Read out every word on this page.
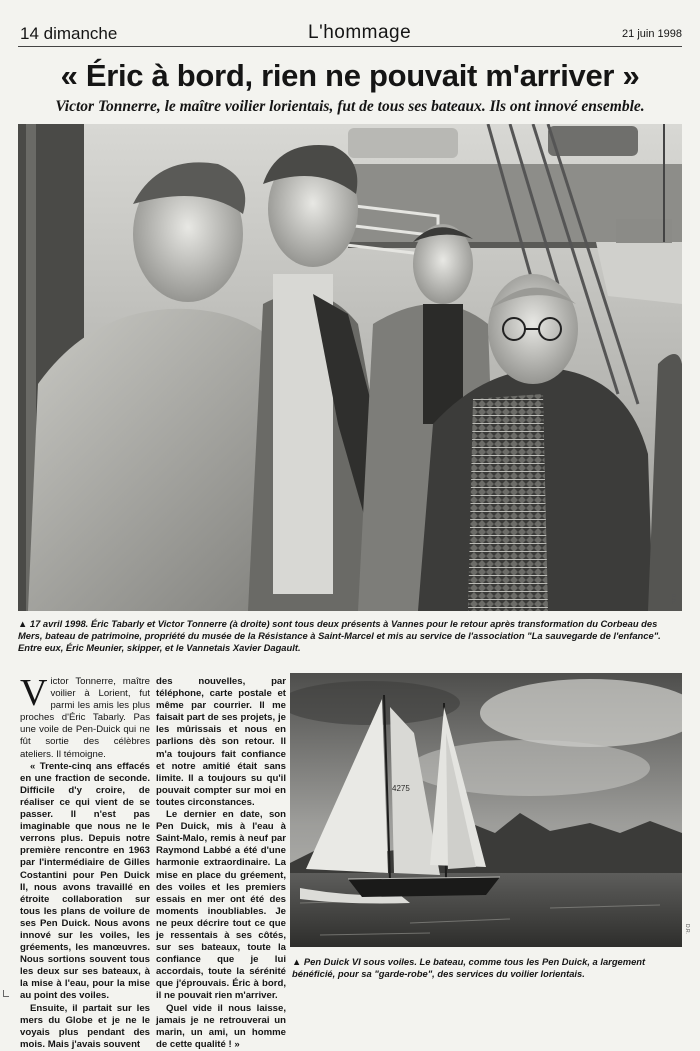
14 dimanche	L'hommage	21 juin 1998
« Éric à bord, rien ne pouvait m'arriver »
Victor Tonnerre, le maître voilier lorientais, fut de tous ses bateaux. Ils ont innové ensemble.
D.R.
▲ 17 avril 1998. Éric Tabarly et Victor Tonnerre (à droite) sont tous deux présents à Vannes pour le retour après transformation du Corbeau des Mers, bateau de patrimoine, propriété du musée de la Résistance à Saint-Marcel et mis au service de l'association "La sauvegarde de l'enfance". Entre eux, Éric Meunier, skipper, et le Vannetais Xavier Dagault.

Victor Tonnerre, maître voilier à Lorient, fut parmi les amis les plus proches d'Éric Tabarly. Pas une voile de Pen-Duick qui ne fût sortie des célèbres ateliers. Il témoigne.

« Trente-cinq ans effacés en une fraction de seconde. Difficile d'y croire, de réaliser ce qui vient de se passer. Il n'est pas imaginable que nous ne le verrons plus. Depuis notre première rencontre en 1963 par l'intermédiaire de Gilles Costantini pour Pen Duick II, nous avons travaillé en étroite collaboration sur tous les plans de voilure de ses Pen Duick. Nous avons innové sur les voiles, les gréements, les manœuvres. Nous sortions souvent tous les deux sur ses bateaux, à la mise à l'eau, pour la mise au point des voiles.

Ensuite, il partait sur les mers du Globe et je ne le voyais plus pendant des mois. Mais j'avais souvent

des nouvelles, par téléphone, carte postale et même par courrier. Il me faisait part de ses projets, je les mûrissais et nous en parlions dès son retour. Il m'a toujours fait confiance et notre amitié était sans limite. Il a toujours su qu'il pouvait compter sur moi en toutes circonstances.

Le dernier en date, son Pen Duick, mis à l'eau à Saint-Malo, remis à neuf par Raymond Labbé a été d'une harmonie extraordinaire. La mise en place du gréement, des voiles et les premiers essais en mer ont été des moments inoubliables. Je ne peux décrire tout ce que je ressentais à ses côtés, sur ses bateaux, toute la confiance que je lui accordais, toute la sérénité que j'éprouvais. Éric à bord, il ne pouvait rien m'arriver.

Quel vide il nous laisse, jamais je ne retrouverai un marin, un ami, un homme de cette qualité ! »

4275
D.R.
▲ Pen Duick VI sous voiles. Le bateau, comme tous les Pen Duick, a largement bénéficié, pour sa "garde-robe", des services du voilier lorientais.
